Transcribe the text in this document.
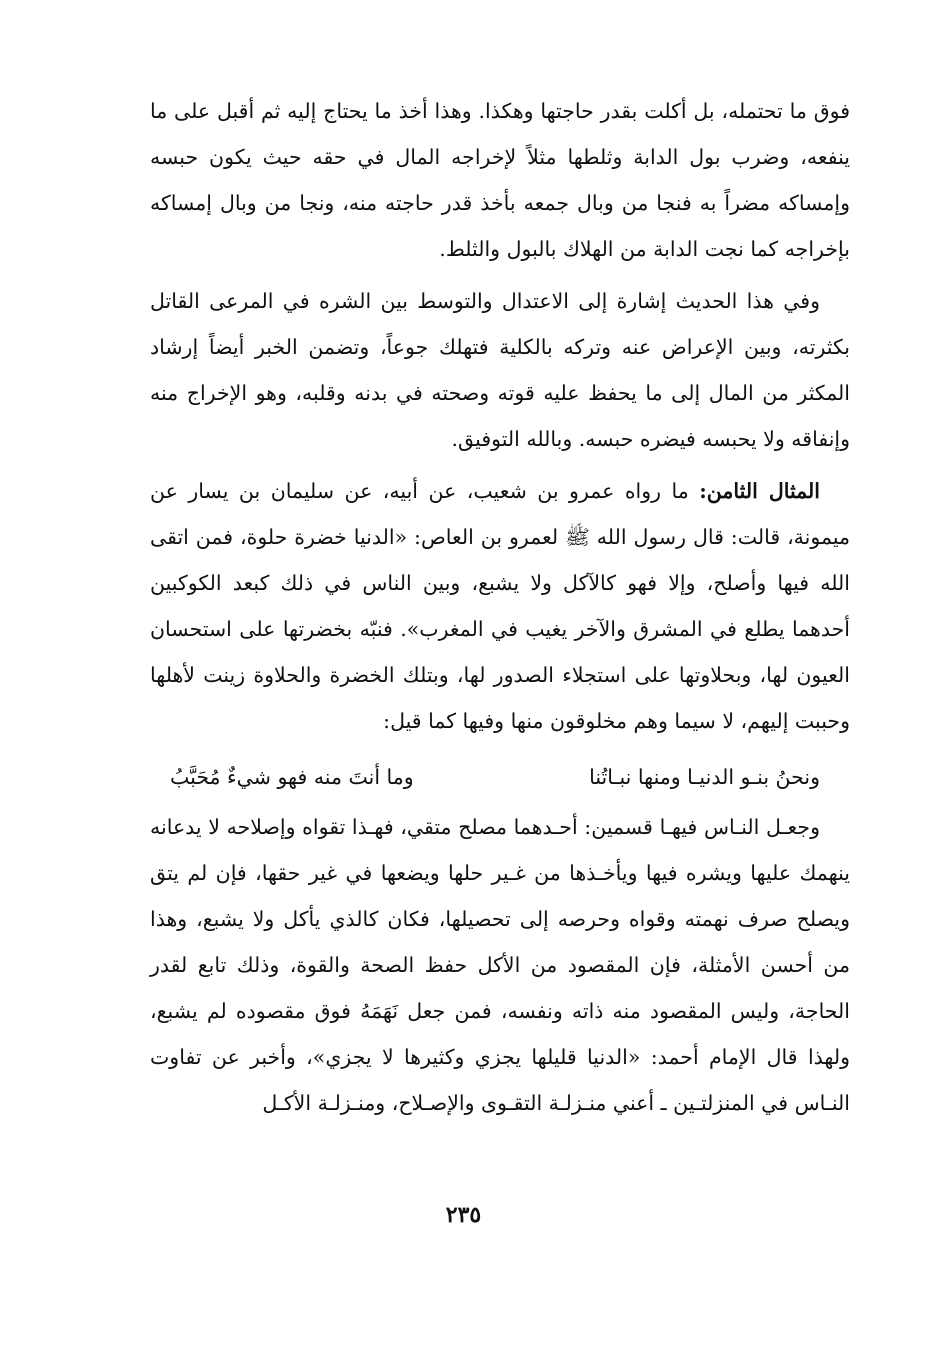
فوق ما تحتمله، بل أكلت بقدر حاجتها وهكذا. وهذا أخذ ما يحتاج إليه ثم أقبل على ما ينفعه، وضرب بول الدابة وثلطها مثلاً لإخراجه المال في حقه حيث يكون حبسه وإمساكه مضراً به فنجا من وبال جمعه بأخذ قدر حاجته منه، ونجا من وبال إمساكه بإخراجه كما نجت الدابة من الهلاك بالبول والثلط.

وفي هذا الحديث إشارة إلى الاعتدال والتوسط بين الشره في المرعى القاتل بكثرته، وبين الإعراض عنه وتركه بالكلية فتهلك جوعاً، وتضمن الخبر أيضاً إرشاد المكثر من المال إلى ما يحفظ عليه قوته وصحته في بدنه وقلبه، وهو الإخراج منه وإنفاقه ولا يحبسه فيضره حبسه. وبالله التوفيق.

المثال الثامن: ما رواه عمرو بن شعيب، عن أبيه، عن سليمان بن يسار عن ميمونة، قالت: قال رسول الله ﷺ لعمرو بن العاص: «الدنيا خضرة حلوة، فمن اتقى الله فيها وأصلح، وإلا فهو كالآكل ولا يشبع، وبين الناس في ذلك كبعد الكوكبين أحدهما يطلع في المشرق والآخر يغيب في المغرب». فنبّه بخضرتها على استحسان العيون لها، وبحلاوتها على استجلاء الصدور لها، وبتلك الخضرة والحلاوة زينت لأهلها وحببت إليهم، لا سيما وهم مخلوقون منها وفيها كما قيل:

ونحنُ بنـو الدنيـا ومنها نبـاتُنا
وما أنتَ منه فهو شيءٌ مُحَبَّبُ

وجعـل النـاس فيهـا قسمين: أحـدهما مصلح متقي، فهـذا تقواه وإصلاحه لا يدعانه ينهمك عليها ويشره فيها ويأخـذها من غـير حلها ويضعها في غير حقها، فإن لم يتق ويصلح صرف نهمته وقواه وحرصه إلى تحصيلها، فكان كالذي يأكل ولا يشبع، وهذا من أحسن الأمثلة، فإن المقصود من الأكل حفظ الصحة والقوة، وذلك تابع لقدر الحاجة، وليس المقصود منه ذاته ونفسه، فمن جعل نَهَمَهُ فوق مقصوده لم يشبع، ولهذا قال الإمام أحمد: «الدنيا قليلها يجزي وكثيرها لا يجزي»، وأخبر عن تفاوت النـاس في المنزلتـين ـ أعني منـزلـة التقـوى والإصـلاح، ومنـزلـة الأكـل

٢٣٥
